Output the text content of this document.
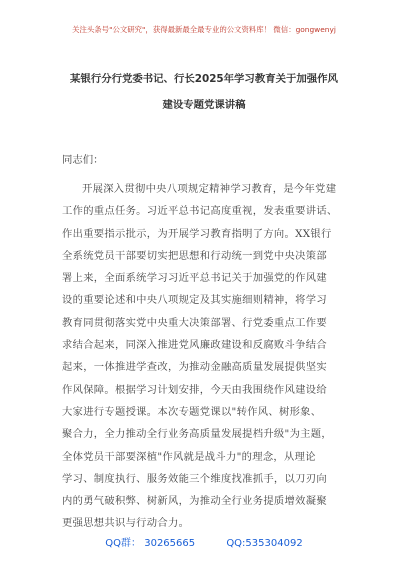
关注头条号"公文研究"，获得最新最全最专业的公文资料库！ 微信：gongwenyj
某银行分行党委书记、行长2025年学习教育关于加强作风
建设专题党课讲稿
同志们：
开展深入贯彻中央八项规定精神学习教育，是今年党建
工作的重点任务。习近平总书记高度重视，发表重要讲话、
作出重要指示批示，为开展学习教育指明了方向。XX银行
全系统党员干部要切实把思想和行动统一到党中央决策部
署上来，全面系统学习习近平总书记关于加强党的作风建
设的重要论述和中央八项规定及其实施细则精神，将学习
教育同贯彻落实党中央重大决策部署、行党委重点工作要
求结合起来，同深入推进党风廉政建设和反腐败斗争结合
起来，一体推进学查改，为推动金融高质量发展提供坚实
作风保障。根据学习计划安排，今天由我围绕作风建设给
大家进行专题授课。本次专题党课以"转作风、树形象、
聚合力，全力推动全行业务高质量发展提档升级"为主题，
全体党员干部要深植"作风就是战斗力"的理念，从理论
学习、制度执行、服务效能三个维度找准抓手，以刀刃向
内的勇气破积弊、树新风，为推动全行业务提质增效凝聚
更强思想共识与行动合力。
QQ群： 30265665	QQ:535304092
